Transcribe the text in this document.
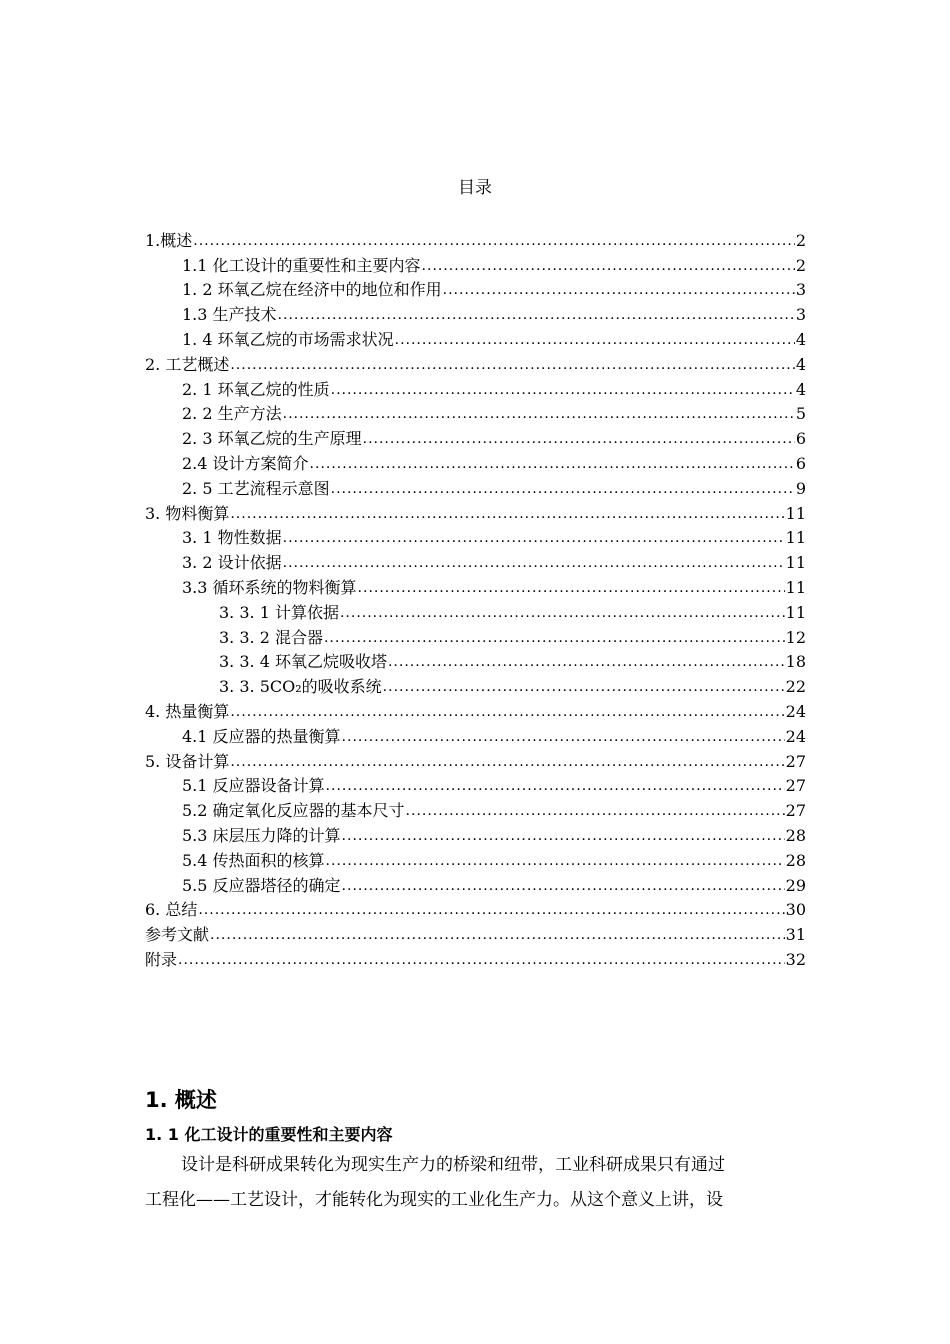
目录
1.概述 .....	2
1.1 化工设计的重要性和主要内容 .....	2
1. 2 环氧乙烷在经济中的地位和作用 .....	3
1.3 生产技术 .....	3
1. 4 环氧乙烷的市场需求状况 .....	4
2. 工艺概述 .....	4
2. 1 环氧乙烷的性质 .....	4
2. 2 生产方法 .....	5
2. 3 环氧乙烷的生产原理 .....	6
2.4 设计方案简介 .....	6
2. 5 工艺流程示意图 .....	9
3. 物料衡算 .....	11
3. 1 物性数据 .....	11
3. 2 设计依据 .....	11
3.3 循环系统的物料衡算 .....	11
3. 3. 1 计算依据 .....	11
3. 3. 2 混合器 .....	12
3. 3. 4 环氧乙烷吸收塔 .....	18
3. 3. 5CO₂的吸收系统 .....	22
4. 热量衡算 .....	24
4.1 反应器的热量衡算 .....	24
5. 设备计算 .....	27
5.1 反应器设备计算 .....	27
5.2 确定氧化反应器的基本尺寸 .....	27
5.3 床层压力降的计算 .....	28
5.4 传热面积的核算 .....	28
5.5 反应器塔径的确定 .....	29
6. 总结 .....	30
参考文献 .....	31
附录 .....	32
1. 概述
1. 1 化工设计的重要性和主要内容
设计是科研成果转化为现实生产力的桥梁和纽带，工业科研成果只有通过
工程化——工艺设计，才能转化为现实的工业化生产力。从这个意义上讲，设
